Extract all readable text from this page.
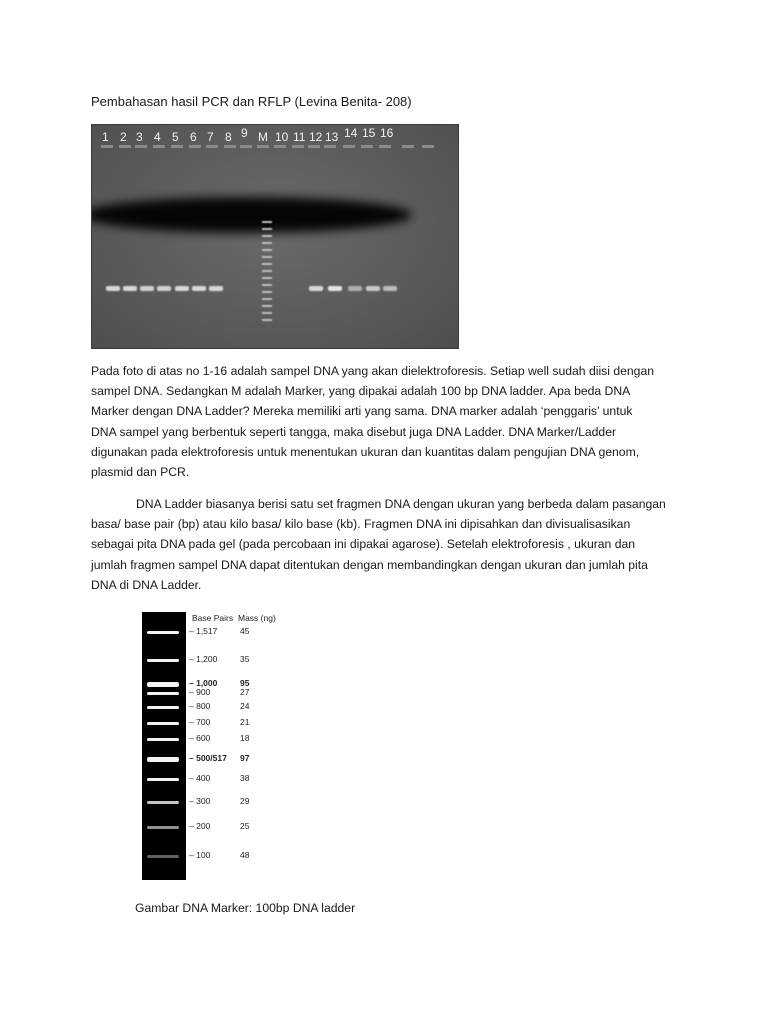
Pembahasan hasil PCR dan RFLP (Levina Benita- 208)
1 2 3 4 5 6 7 8 9 M 10 11 12 13 14 15 16

Pada foto di atas no 1-16 adalah sampel DNA yang akan dielektroforesis. Setiap well sudah diisi dengan
sampel DNA. Sedangkan M adalah Marker, yang dipakai adalah 100 bp DNA ladder. Apa beda DNA
Marker dengan DNA Ladder? Mereka memiliki arti yang sama. DNA marker adalah ‘penggaris’ untuk
DNA sampel yang berbentuk seperti tangga, maka disebut juga DNA Ladder. DNA Marker/Ladder
digunakan pada elektroforesis untuk menentukan ukuran dan kuantitas dalam pengujian DNA genom,
plasmid dan PCR.

DNA Ladder biasanya berisi satu set fragmen DNA dengan ukuran yang berbeda dalam pasangan
basa/ base pair (bp) atau kilo basa/ kilo base (kb). Fragmen DNA ini dipisahkan dan divisualisasikan
sebagai pita DNA pada gel (pada percobaan ini dipakai agarose). Setelah elektroforesis , ukuran dan
jumlah fragmen sampel DNA dapat ditentukan dengan membandingkan dengan ukuran dan jumlah pita
DNA di DNA Ladder.

Base Pairs Mass (ng)
– 1,517	45
– 1,200	35
– 1,000	95
– 900	27
– 800	24
– 700	21
– 600	18
– 500/517 97
– 400	38
– 300	29
– 200	25
– 100	48

Gambar DNA Marker: 100bp DNA ladder
